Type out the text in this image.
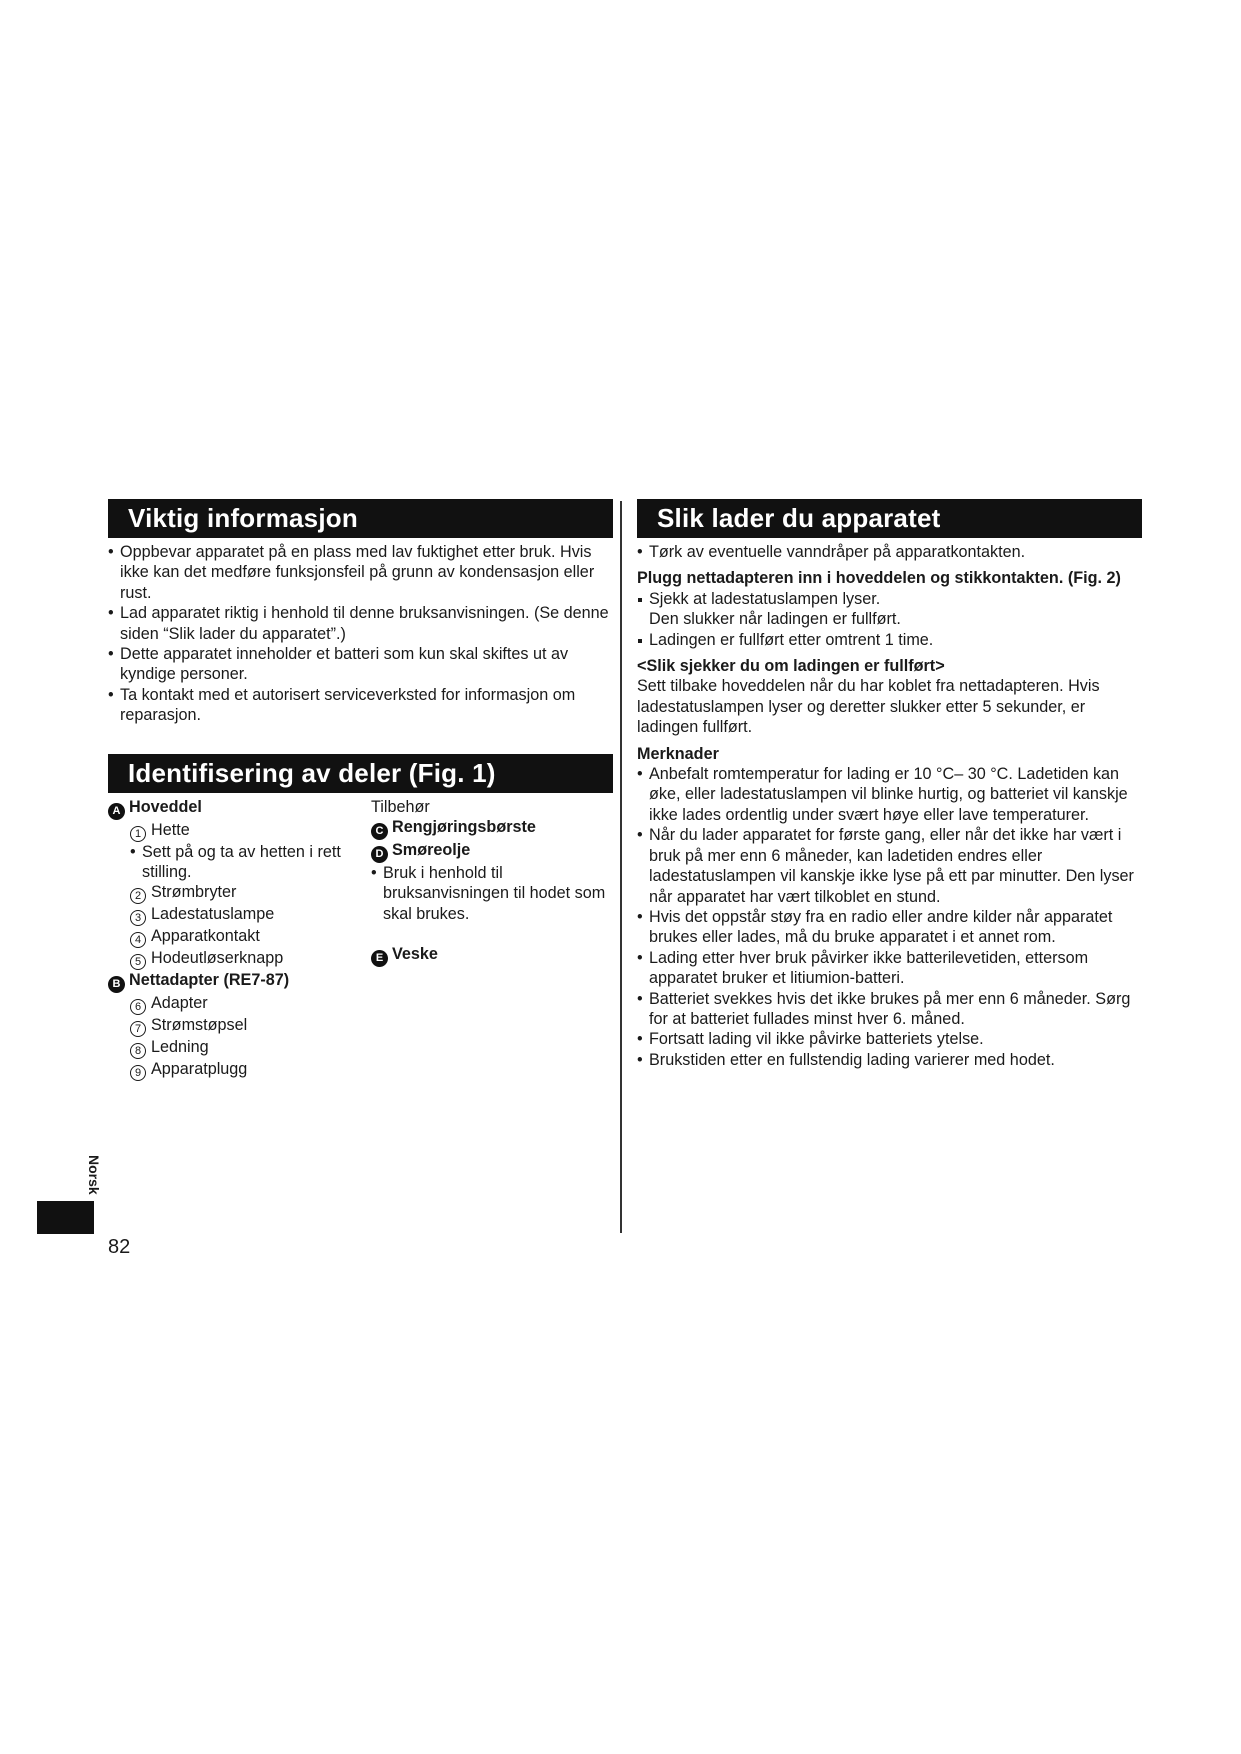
Viktig informasjon
• Oppbevar apparatet på en plass med lav fuktighet etter bruk. Hvis ikke kan det medføre funksjonsfeil på grunn av kondensasjon eller rust.
• Lad apparatet riktig i henhold til denne bruksanvisningen. (Se denne siden “Slik lader du apparatet”.)
• Dette apparatet inneholder et batteri som kun skal skiftes ut av kyndige personer.
• Ta kontakt med et autorisert serviceverksted for informasjon om reparasjon.
Identifisering av deler (Fig. 1)
A Hoveddel
1 Hette
• Sett på og ta av hetten i rett
stilling.
2 Strømbryter
3 Ladestatuslampe
4 Apparatkontakt
5 Hodeutløserknapp
B Nettadapter (RE7-87)
6 Adapter
7 Strømstøpsel
8 Ledning
9 Apparatplugg
Tilbehør
C Rengjøringsbørste
D Smøreolje
• Bruk i henhold til
bruksanvisningen til hodet som
skal brukes.
E Veske
Slik lader du apparatet
• Tørk av eventuelle vanndråper på apparatkontakten.
Plugg nettadapteren inn i hoveddelen og stikkontakten. (Fig. 2)
Sjekk at ladestatuslampen lyser.
Den slukker når ladingen er fullført.
Ladingen er fullført etter omtrent 1 time.
<Slik sjekker du om ladingen er fullført>
Sett tilbake hoveddelen når du har koblet fra nettadapteren. Hvis ladestatuslampen lyser og deretter slukker etter 5 sekunder, er ladingen fullført.
Merknader
• Anbefalt romtemperatur for lading er 10 °C– 30 °C. Ladetiden kan øke, eller ladestatuslampen vil blinke hurtig, og batteriet vil kanskje ikke lades ordentlig under svært høye eller lave temperaturer.
• Når du lader apparatet for første gang, eller når det ikke har vært i bruk på mer enn 6 måneder, kan ladetiden endres eller ladestatuslampen vil kanskje ikke lyse på ett par minutter. Den lyser når apparatet har vært tilkoblet en stund.
• Hvis det oppstår støy fra en radio eller andre kilder når apparatet brukes eller lades, må du bruke apparatet i et annet rom.
• Lading etter hver bruk påvirker ikke batterilevetiden, ettersom apparatet bruker et litiumion-batteri.
• Batteriet svekkes hvis det ikke brukes på mer enn 6 måneder. Sørg for at batteriet fullades minst hver 6. måned.
• Fortsatt lading vil ikke påvirke batteriets ytelse.
• Brukstiden etter en fullstendig lading varierer med hodet.
Norsk
82
